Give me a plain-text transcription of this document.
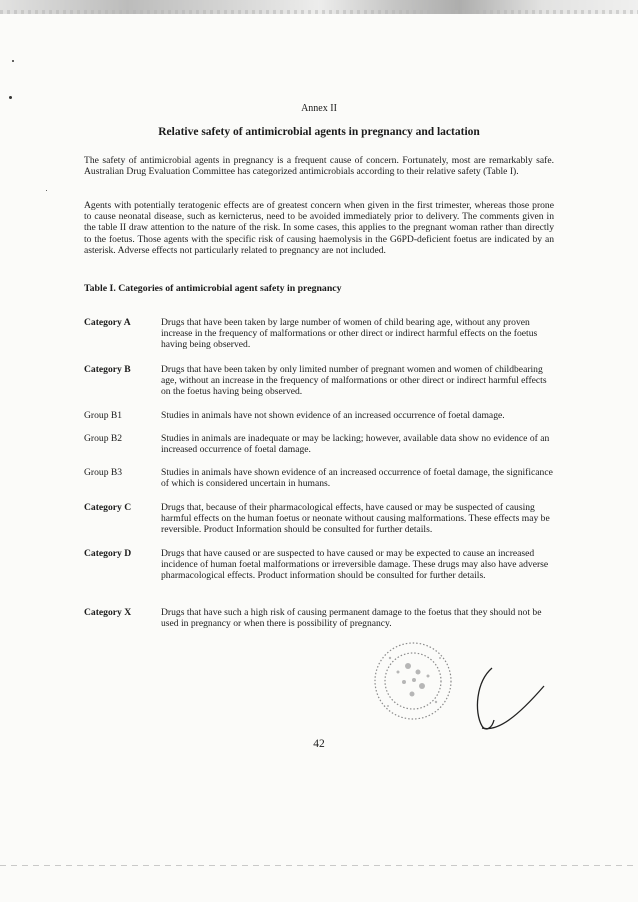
Annex II
Relative safety of antimicrobial agents in pregnancy and lactation
The safety of antimicrobial agents in pregnancy is a frequent cause of concern. Fortunately, most are remarkably safe. Australian Drug Evaluation Committee has categorized antimicrobials according to their relative safety (Table I).
Agents with potentially teratogenic effects are of greatest concern when given in the first trimester, whereas those prone to cause neonatal disease, such as kernicterus, need to be avoided immediately prior to delivery. The comments given in the table II draw attention to the nature of the risk. In some cases, this applies to the pregnant woman rather than directly to the foetus. Those agents with the specific risk of causing haemolysis in the G6PD-deficient foetus are indicated by an asterisk. Adverse effects not particularly related to pregnancy are not included.
Table I. Categories of antimicrobial agent safety in pregnancy
Category A	Drugs that have been taken by large number of women of child bearing age, without any proven increase in the frequency of malformations or other direct or indirect harmful effects on the foetus having being observed.
Category B	Drugs that have been taken by only limited number of pregnant women and women of childbearing age, without an increase in the frequency of malformations or other direct or indirect harmful effects on the foetus having being observed.
Group B1	Studies in animals have not shown evidence of an increased occurrence of foetal damage.
Group B2	Studies in animals are inadequate or may be lacking; however, available data show no evidence of an increased occurrence of foetal damage.
Group B3	Studies in animals have shown evidence of an increased occurrence of foetal damage, the significance of which is considered uncertain in humans.
Category C	Drugs that, because of their pharmacological effects, have caused or may be suspected of causing harmful effects on the human foetus or neonate without causing malformations. These effects may be reversible. Product Information should be consulted for further details.
Category D	Drugs that have caused or are suspected to have caused or may be expected to cause an increased incidence of human foetal malformations or irreversible damage. These drugs may also have adverse pharmacological effects. Product information should be consulted for further details.
Category X	Drugs that have such a high risk of causing permanent damage to the foetus that they should not be used in pregnancy or when there is possibility of pregnancy.
42
